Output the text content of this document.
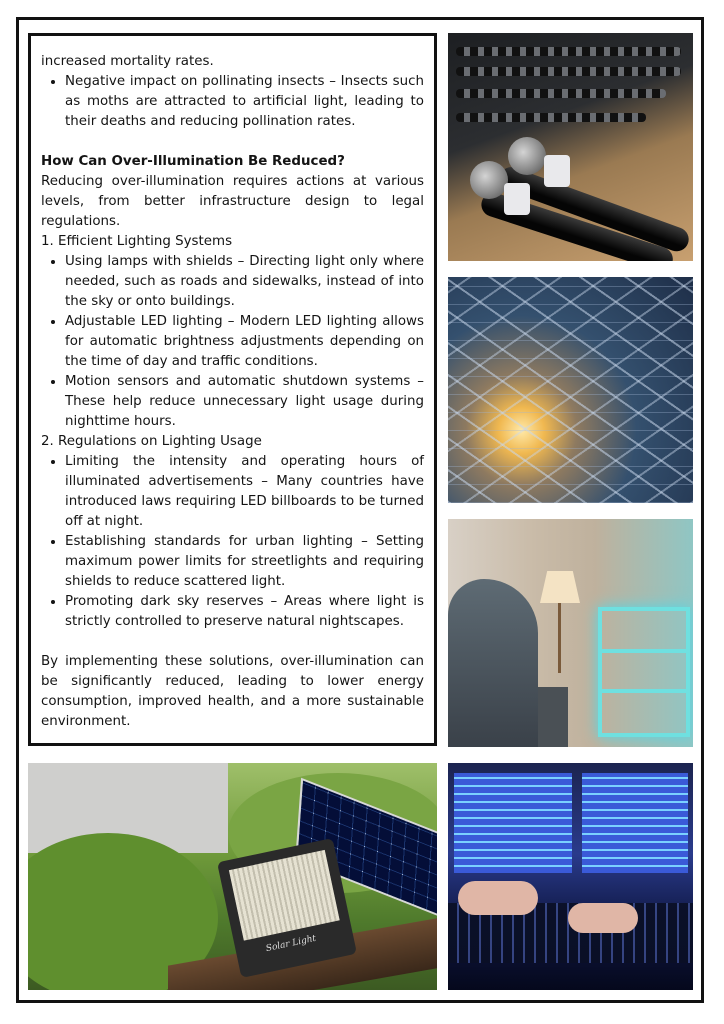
increased mortality rates.

• Negative impact on pollinating insects – Insects such as moths are attracted to artificial light, leading to their deaths and reducing pollination rates.

How Can Over-Illumination Be Reduced?

Reducing over-illumination requires actions at various levels, from better infrastructure design to legal regulations.

1. Efficient Lighting Systems

• Using lamps with shields – Directing light only where needed, such as roads and sidewalks, instead of into the sky or onto buildings.
• Adjustable LED lighting – Modern LED lighting allows for automatic brightness adjustments depending on the time of day and traffic conditions.
• Motion sensors and automatic shutdown systems – These help reduce unnecessary light usage during nighttime hours.

2. Regulations on Lighting Usage

• Limiting the intensity and operating hours of illuminated advertisements – Many countries have introduced laws requiring LED billboards to be turned off at night.
• Establishing standards for urban lighting – Setting maximum power limits for streetlights and requiring shields to reduce scattered light.
• Promoting dark sky reserves – Areas where light is strictly controlled to preserve natural nightscapes.

By implementing these solutions, over-illumination can be significantly reduced, leading to lower energy consumption, improved health, and a more sustainable environment.

Solar Light
